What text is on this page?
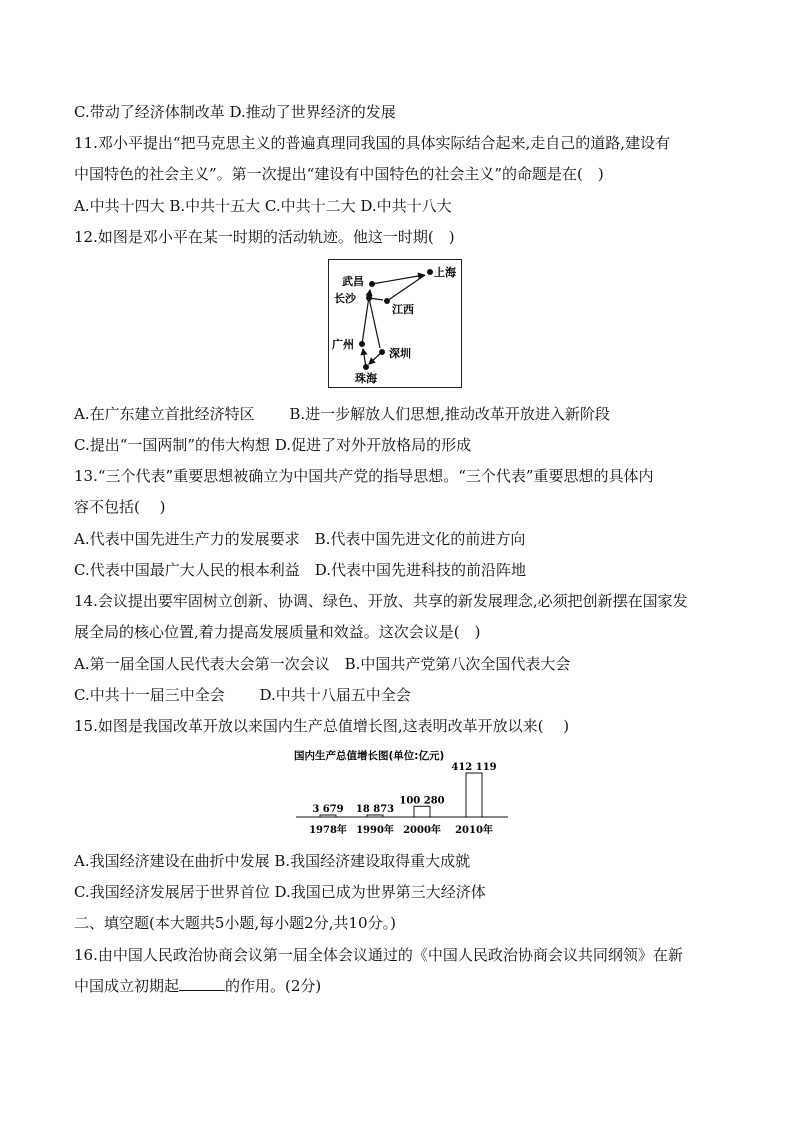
C.带动了经济体制改革 D.推动了世界经济的发展
11.邓小平提出“把马克思主义的普遍真理同我国的具体实际结合起来,走自己的道路,建设有
中国特色的社会主义”。第一次提出“建设有中国特色的社会主义”的命题是在(　)
A.中共十四大 B.中共十五大 C.中共十二大 D.中共十八大
12.如图是邓小平在某一时期的活动轨迹。他这一时期(　)
武昌
长沙
江西
上海
广州
深圳
珠海
A.在广东建立首批经济特区　　 B.进一步解放人们思想,推动改革开放进入新阶段
C.提出“一国两制”的伟大构想 D.促进了对外开放格局的形成
13.“三个代表”重要思想被确立为中国共产党的指导思想。“三个代表”重要思想的具体内
容不包括(　 )
A.代表中国先进生产力的发展要求　B.代表中国先进文化的前进方向
C.代表中国最广大人民的根本利益　D.代表中国先进科技的前沿阵地
14.会议提出要牢固树立创新、协调、绿色、开放、共享的新发展理念,必须把创新摆在国家发
展全局的核心位置,着力提高发展质量和效益。这次会议是(　)
A.第一届全国人民代表大会第一次会议　B.中国共产党第八次全国代表大会
C.中共十一届三中全会　　 D.中共十八届五中全会
15.如图是我国改革开放以来国内生产总值增长图,这表明改革开放以来(　 )
国内生产总值增长图(单位:亿元)
3 679
1978年
18 873
1990年
100 280
2000年
412 119
2010年
A.我国经济建设在曲折中发展 B.我国经济建设取得重大成就
C.我国经济发展居于世界首位 D.我国已成为世界第三大经济体
二、填空题(本大题共5小题,每小题2分,共10分。)
16.由中国人民政治协商会议第一届全体会议通过的《中国人民政治协商会议共同纲领》在新
中国成立初期起	的作用。(2分)
